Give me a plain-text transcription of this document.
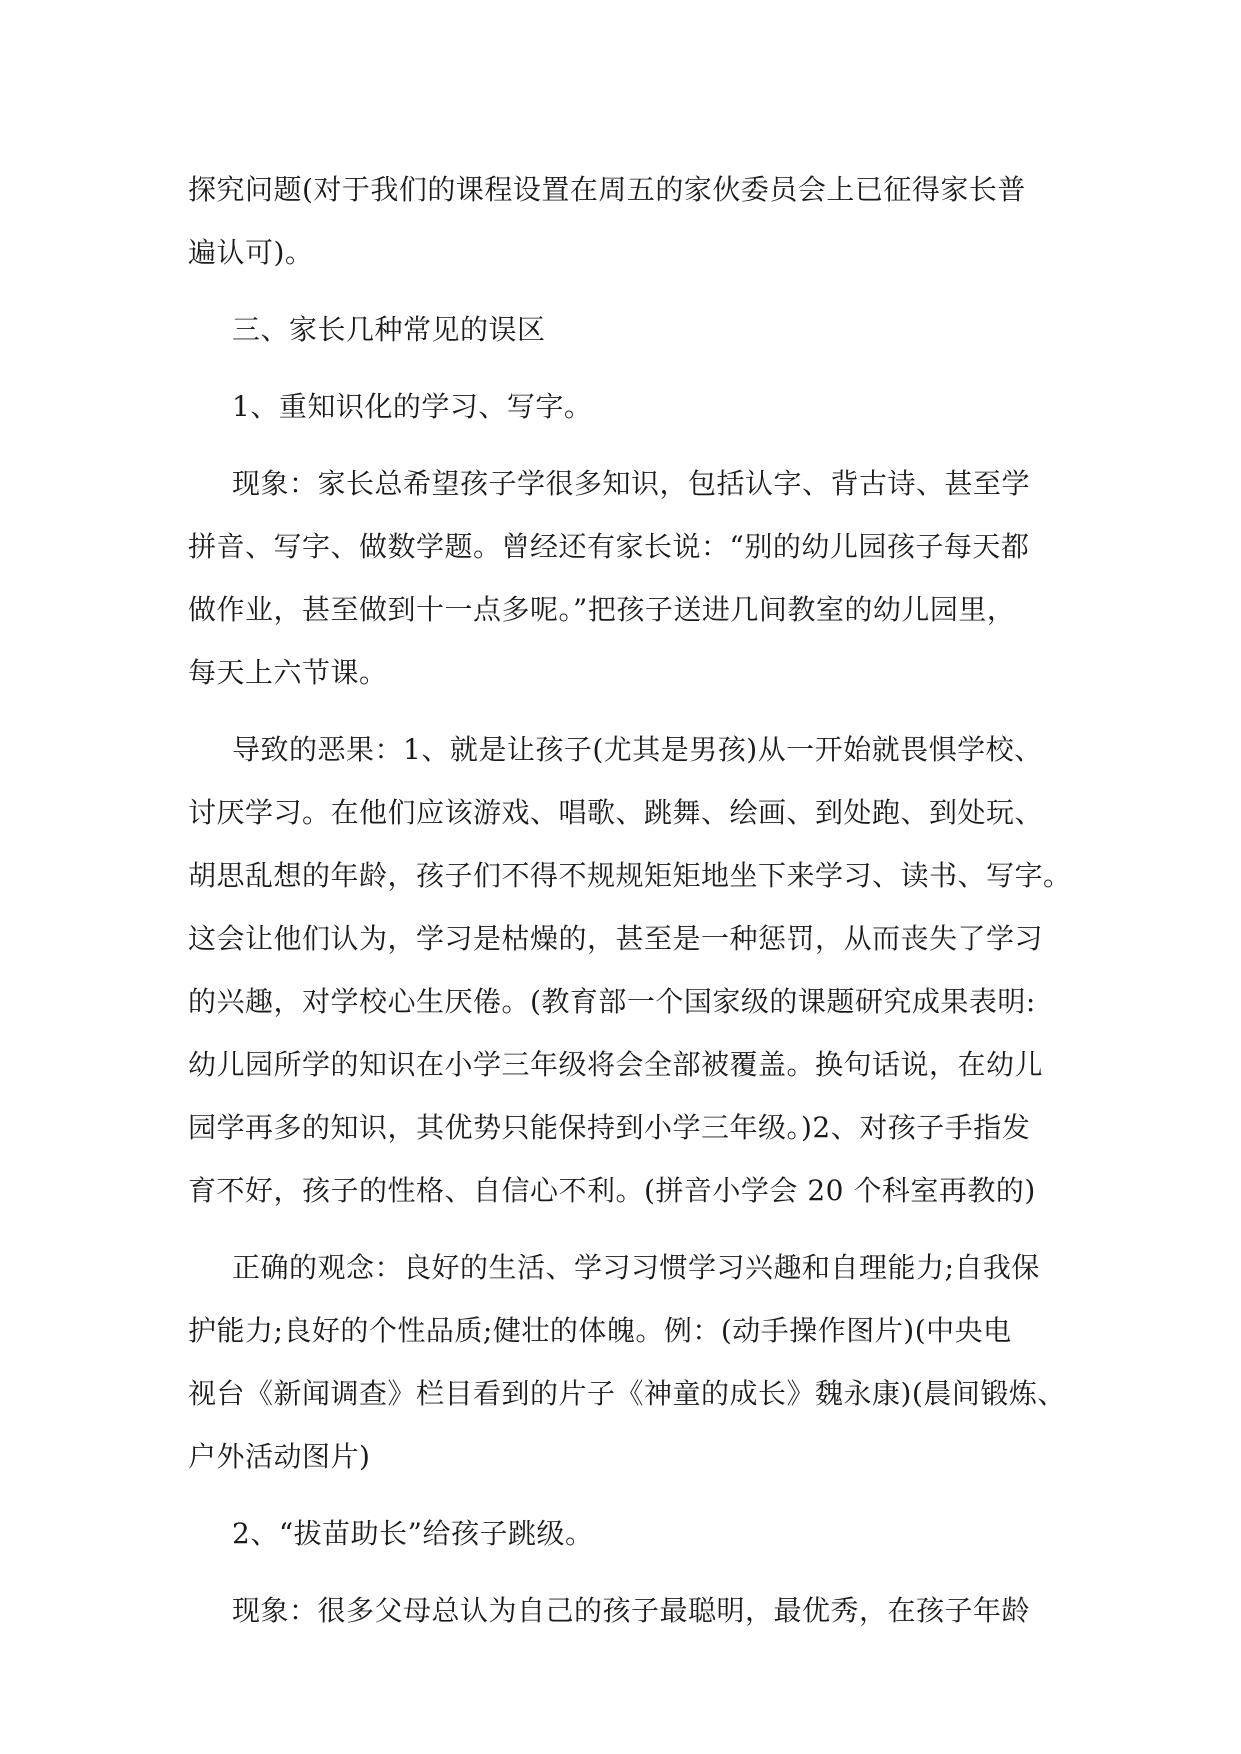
探究问题(对于我们的课程设置在周五的家伙委员会上已征得家长普
遍认可)。
三、家长几种常见的误区
1、重知识化的学习、写字。
现象：家长总希望孩子学很多知识，包括认字、背古诗、甚至学
拼音、写字、做数学题。曾经还有家长说：“别的幼儿园孩子每天都
做作业，甚至做到十一点多呢。”把孩子送进几间教室的幼儿园里，
每天上六节课。
导致的恶果：1、就是让孩子(尤其是男孩)从一开始就畏惧学校、
讨厌学习。在他们应该游戏、唱歌、跳舞、绘画、到处跑、到处玩、
胡思乱想的年龄，孩子们不得不规规矩矩地坐下来学习、读书、写字。
这会让他们认为，学习是枯燥的，甚至是一种惩罚，从而丧失了学习
的兴趣，对学校心生厌倦。(教育部一个国家级的课题研究成果表明:
幼儿园所学的知识在小学三年级将会全部被覆盖。换句话说，在幼儿
园学再多的知识，其优势只能保持到小学三年级。)2、对孩子手指发
育不好，孩子的性格、自信心不利。(拼音小学会 20 个科室再教的)
正确的观念：良好的生活、学习习惯学习兴趣和自理能力;自我保
护能力;良好的个性品质;健壮的体魄。例：(动手操作图片)(中央电
视台《新闻调查》栏目看到的片子《神童的成长》魏永康)(晨间锻炼、
户外活动图片)
2、“拔苗助长”给孩子跳级。
现象：很多父母总认为自己的孩子最聪明，最优秀，在孩子年龄
